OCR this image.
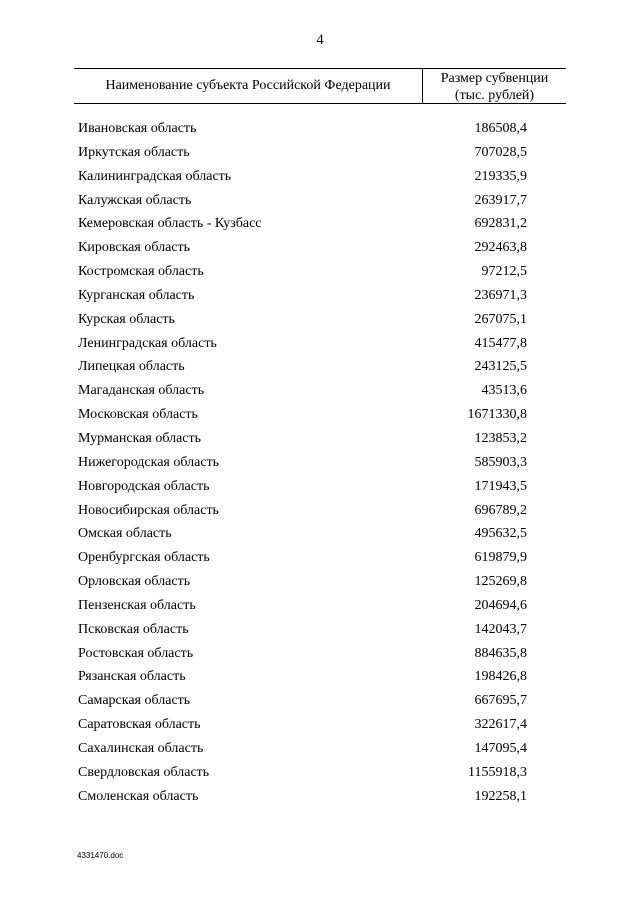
4
Наименование субъекта Российской Федерации	Размер субвенции
(тыс. рублей)
Ивановская область	186508,4
Иркутская область	707028,5
Калининградская область	219335,9
Калужская область	263917,7
Кемеровская область - Кузбасс	692831,2
Кировская область	292463,8
Костромская область	97212,5
Курганская область	236971,3
Курская область	267075,1
Ленинградская область	415477,8
Липецкая область	243125,5
Магаданская область	43513,6
Московская область	1671330,8
Мурманская область	123853,2
Нижегородская область	585903,3
Новгородская область	171943,5
Новосибирская область	696789,2
Омская область	495632,5
Оренбургская область	619879,9
Орловская область	125269,8
Пензенская область	204694,6
Псковская область	142043,7
Ростовская область	884635,8
Рязанская область	198426,8
Самарская область	667695,7
Саратовская область	322617,4
Сахалинская область	147095,4
Свердловская область	1155918,3
Смоленская область	192258,1
4331470.doc
